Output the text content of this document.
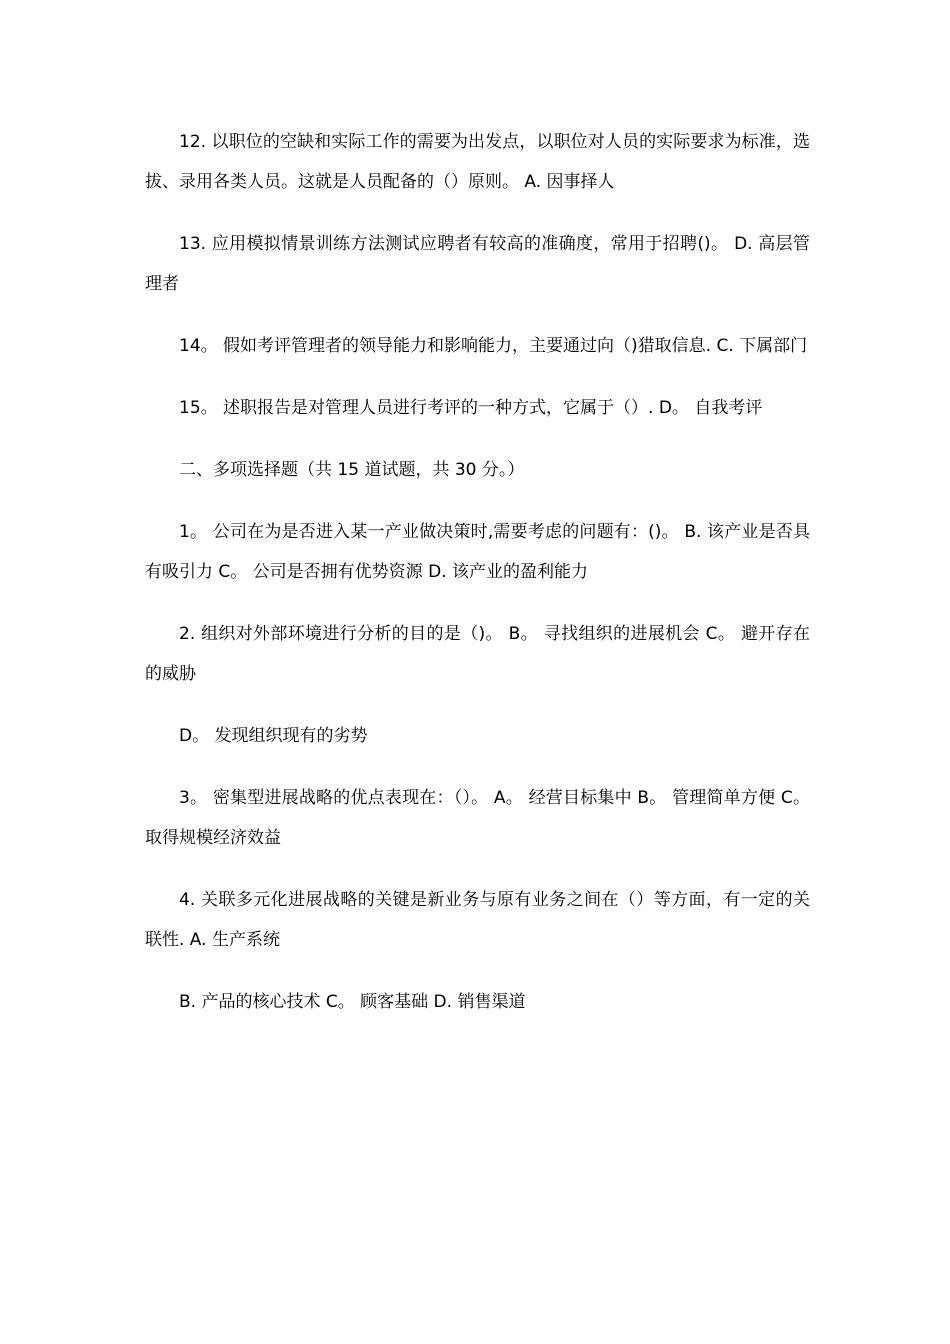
12. 以职位的空缺和实际工作的需要为出发点，以职位对人员的实际要求为标准，选拔、录用各类人员。这就是人员配备的（）原则。 A. 因事择人

13. 应用模拟情景训练方法测试应聘者有较高的准确度，常用于招聘()。 D. 高层管理者

14。 假如考评管理者的领导能力和影响能力，主要通过向（)猎取信息. C. 下属部门

15。 述职报告是对管理人员进行考评的一种方式，它属于（）. D。 自我考评

二、多项选择题（共 15 道试题，共 30 分。）

1。 公司在为是否进入某一产业做决策时,需要考虑的问题有：()。 B. 该产业是否具有吸引力 C。 公司是否拥有优势资源 D. 该产业的盈利能力

2. 组织对外部环境进行分析的目的是（)。 B。 寻找组织的进展机会 C。 避开存在的威胁

D。 发现组织现有的劣势

3。 密集型进展战略的优点表现在：（）。 A。 经营目标集中 B。 管理简单方便 C。 取得规模经济效益

4. 关联多元化进展战略的关键是新业务与原有业务之间在（）等方面，有一定的关联性. A. 生产系统

B. 产品的核心技术 C。 顾客基础 D. 销售渠道
